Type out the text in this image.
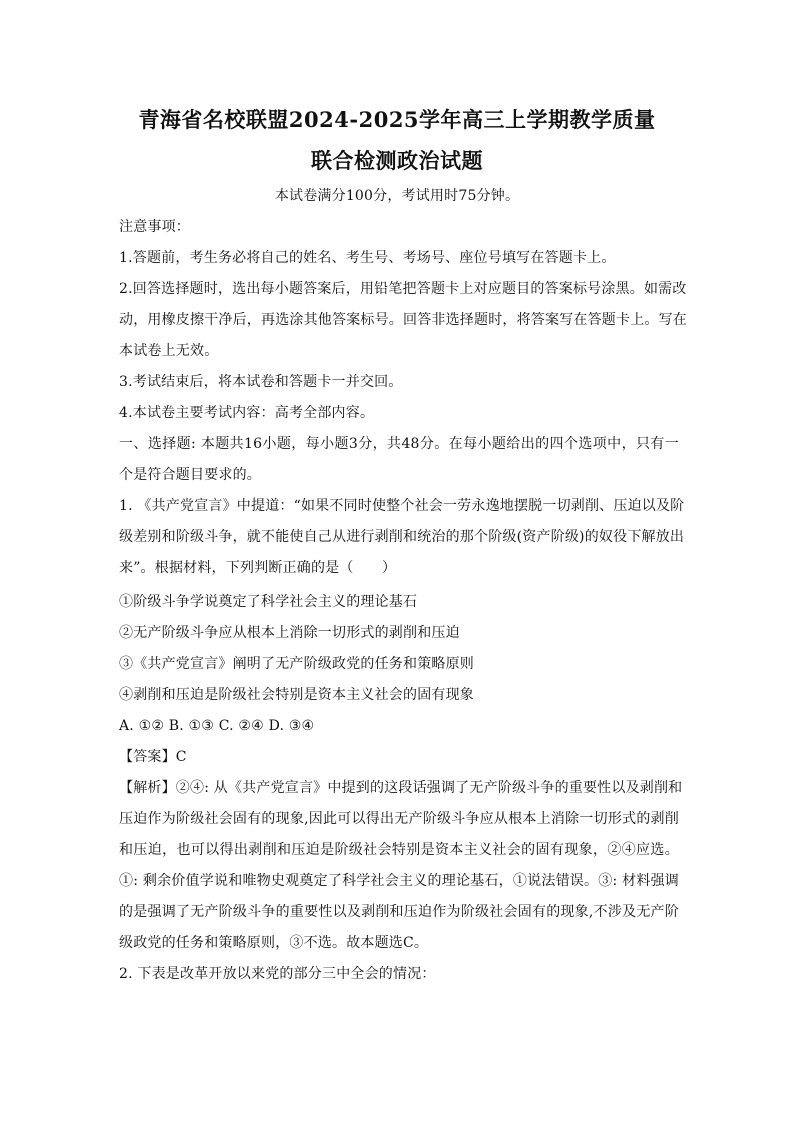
青海省名校联盟2024-2025学年高三上学期教学质量
联合检测政治试题
本试卷满分100分，考试用时75分钟。
注意事项：
1.答题前，考生务必将自己的姓名、考生号、考场号、座位号填写在答题卡上。
2.回答选择题时，选出每小题答案后，用铅笔把答题卡上对应题目的答案标号涂黑。如需改
动，用橡皮擦干净后，再选涂其他答案标号。回答非选择题时，将答案写在答题卡上。写在
本试卷上无效。
3.考试结束后，将本试卷和答题卡一并交回。
4.本试卷主要考试内容：高考全部内容。
一、选择题: 本题共16小题，每小题3分，共48分。在每小题给出的四个选项中，只有一
个是符合题目要求的。
1. 《共产党宣言》中提道：“如果不同时使整个社会一劳永逸地摆脱一切剥削、压迫以及阶
级差别和阶级斗争，就不能使自己从进行剥削和统治的那个阶级(资产阶级)的奴役下解放出
来”。根据材料，下列判断正确的是（　　）
①阶级斗争学说奠定了科学社会主义的理论基石
②无产阶级斗争应从根本上消除一切形式的剥削和压迫
③《共产党宣言》阐明了无产阶级政党的任务和策略原则
④剥削和压迫是阶级社会特别是资本主义社会的固有现象
A. ①② B. ①③ C. ②④ D. ③④
【答案】C
【解析】②④: 从《共产党宣言》中提到的这段话强调了无产阶级斗争的重要性以及剥削和
压迫作为阶级社会固有的现象,因此可以得出无产阶级斗争应从根本上消除一切形式的剥削
和压迫，也可以得出剥削和压迫是阶级社会特别是资本主义社会的固有现象，②④应选。
①: 剩余价值学说和唯物史观奠定了科学社会主义的理论基石，①说法错误。③: 材料强调
的是强调了无产阶级斗争的重要性以及剥削和压迫作为阶级社会固有的现象,不涉及无产阶
级政党的任务和策略原则，③不选。故本题选C。
2. 下表是改革开放以来党的部分三中全会的情况：
